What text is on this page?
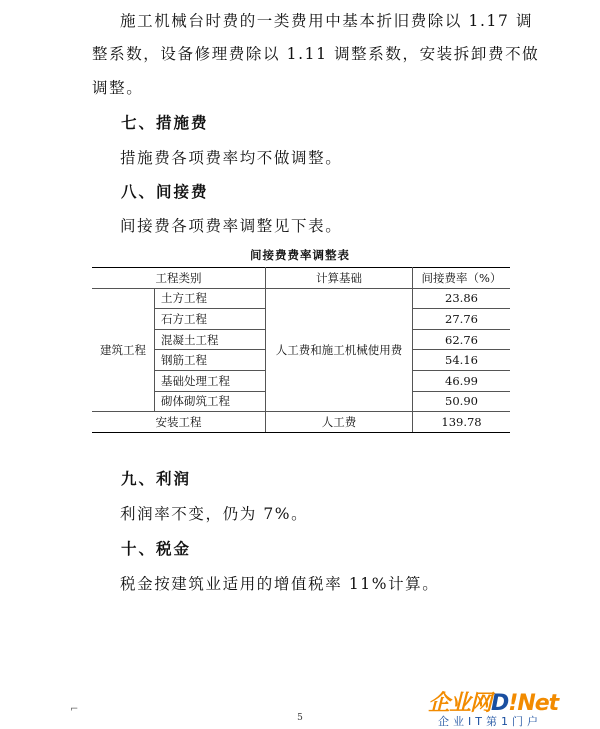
施工机械台时费的一类费用中基本折旧费除以 1.17 调
整系数，设备修理费除以 1.11 调整系数，安装拆卸费不做
调整。
七、措施费
措施费各项费率均不做调整。
八、间接费
间接费各项费率调整见下表。
间接费费率调整表
工程类别		计算基础	间接费率（%）
建筑工程	土方工程	人工费和施工机械使用费	23.86
	石方工程		27.76
	混凝土工程		62.76
	钢筋工程		54.16
	基础处理工程		46.99
	砌体砌筑工程		50.90
安装工程		人工费	139.78
九、利润
利润率不变，仍为 7%。
十、税金
税金按建筑业适用的增值税率 11%计算。
⌐
5
企业网D!Net
企业IT第1门户
